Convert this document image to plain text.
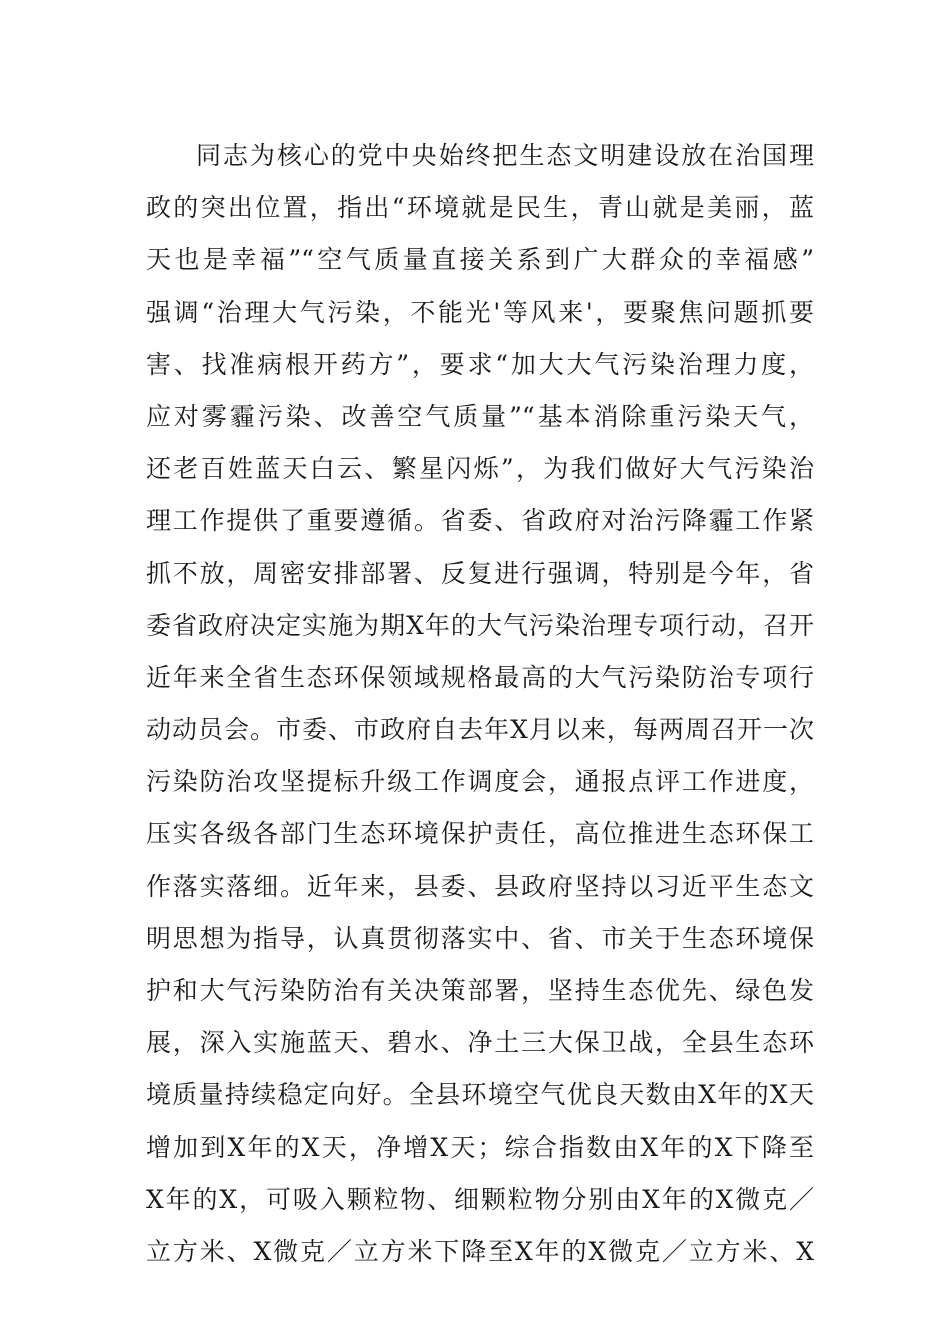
同志为核心的党中央始终把生态文明建设放在治国理
政的突出位置，指出“环境就是民生，青山就是美丽，蓝
天也是幸福”“空气质量直接关系到广大群众的幸福感”
强调“治理大气污染，不能光'等风来'，要聚焦问题抓要
害、找准病根开药方”，要求“加大大气污染治理力度，
应对雾霾污染、改善空气质量”“基本消除重污染天气，
还老百姓蓝天白云、繁星闪烁”，为我们做好大气污染治
理工作提供了重要遵循。省委、省政府对治污降霾工作紧
抓不放，周密安排部署、反复进行强调，特别是今年，省
委省政府决定实施为期X年的大气污染治理专项行动，召开
近年来全省生态环保领域规格最高的大气污染防治专项行
动动员会。市委、市政府自去年X月以来，每两周召开一次
污染防治攻坚提标升级工作调度会，通报点评工作进度，
压实各级各部门生态环境保护责任，高位推进生态环保工
作落实落细。近年来，县委、县政府坚持以习近平生态文
明思想为指导，认真贯彻落实中、省、市关于生态环境保
护和大气污染防治有关决策部署，坚持生态优先、绿色发
展，深入实施蓝天、碧水、净土三大保卫战，全县生态环
境质量持续稳定向好。全县环境空气优良天数由X年的X天
增加到X年的X天，净增X天；综合指数由X年的X下降至
X年的X，可吸入颗粒物、细颗粒物分别由X年的X微克／
立方米、X微克／立方米下降至X年的X微克／立方米、X
